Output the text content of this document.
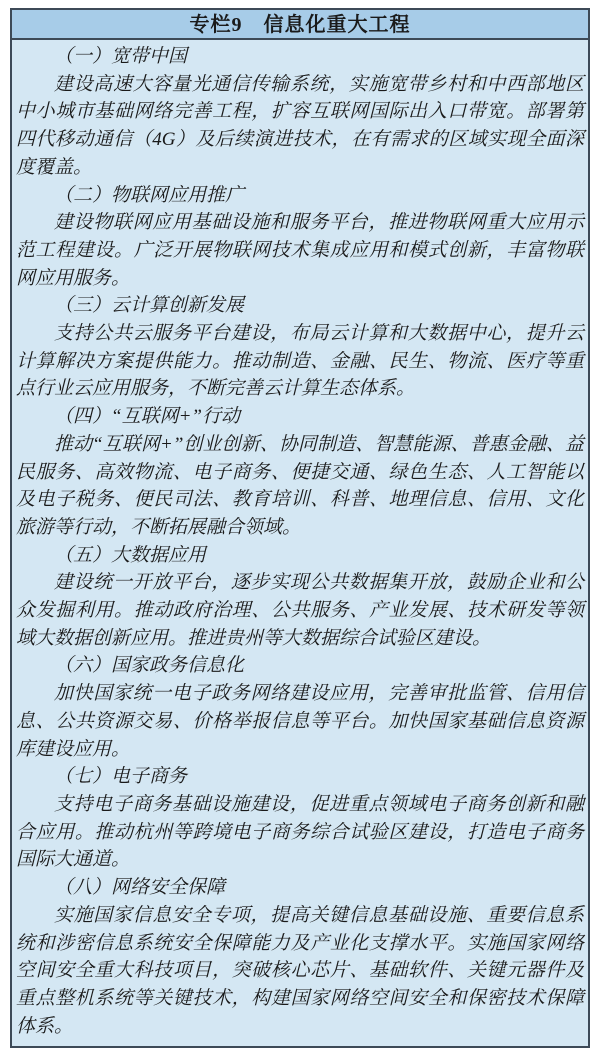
专栏9　信息化重大工程

（一）宽带中国

建设高速大容量光通信传输系统，实施宽带乡村和中西部地区中小城市基础网络完善工程，扩容互联网国际出入口带宽。部署第四代移动通信（4G）及后续演进技术，在有需求的区域实现全面深度覆盖。

（二）物联网应用推广

建设物联网应用基础设施和服务平台，推进物联网重大应用示范工程建设。广泛开展物联网技术集成应用和模式创新，丰富物联网应用服务。

（三）云计算创新发展

支持公共云服务平台建设，布局云计算和大数据中心，提升云计算解决方案提供能力。推动制造、金融、民生、物流、医疗等重点行业云应用服务，不断完善云计算生态体系。

（四）“互联网+”行动

推动“互联网+”创业创新、协同制造、智慧能源、普惠金融、益民服务、高效物流、电子商务、便捷交通、绿色生态、人工智能以及电子税务、便民司法、教育培训、科普、地理信息、信用、文化旅游等行动，不断拓展融合领域。

（五）大数据应用

建设统一开放平台，逐步实现公共数据集开放，鼓励企业和公众发掘利用。推动政府治理、公共服务、产业发展、技术研发等领域大数据创新应用。推进贵州等大数据综合试验区建设。

（六）国家政务信息化

加快国家统一电子政务网络建设应用，完善审批监管、信用信息、公共资源交易、价格举报信息等平台。加快国家基础信息资源库建设应用。

（七）电子商务

支持电子商务基础设施建设，促进重点领域电子商务创新和融合应用。推动杭州等跨境电子商务综合试验区建设，打造电子商务国际大通道。

（八）网络安全保障

实施国家信息安全专项，提高关键信息基础设施、重要信息系统和涉密信息系统安全保障能力及产业化支撑水平。实施国家网络空间安全重大科技项目，突破核心芯片、基础软件、关键元器件及重点整机系统等关键技术，构建国家网络空间安全和保密技术保障体系。
